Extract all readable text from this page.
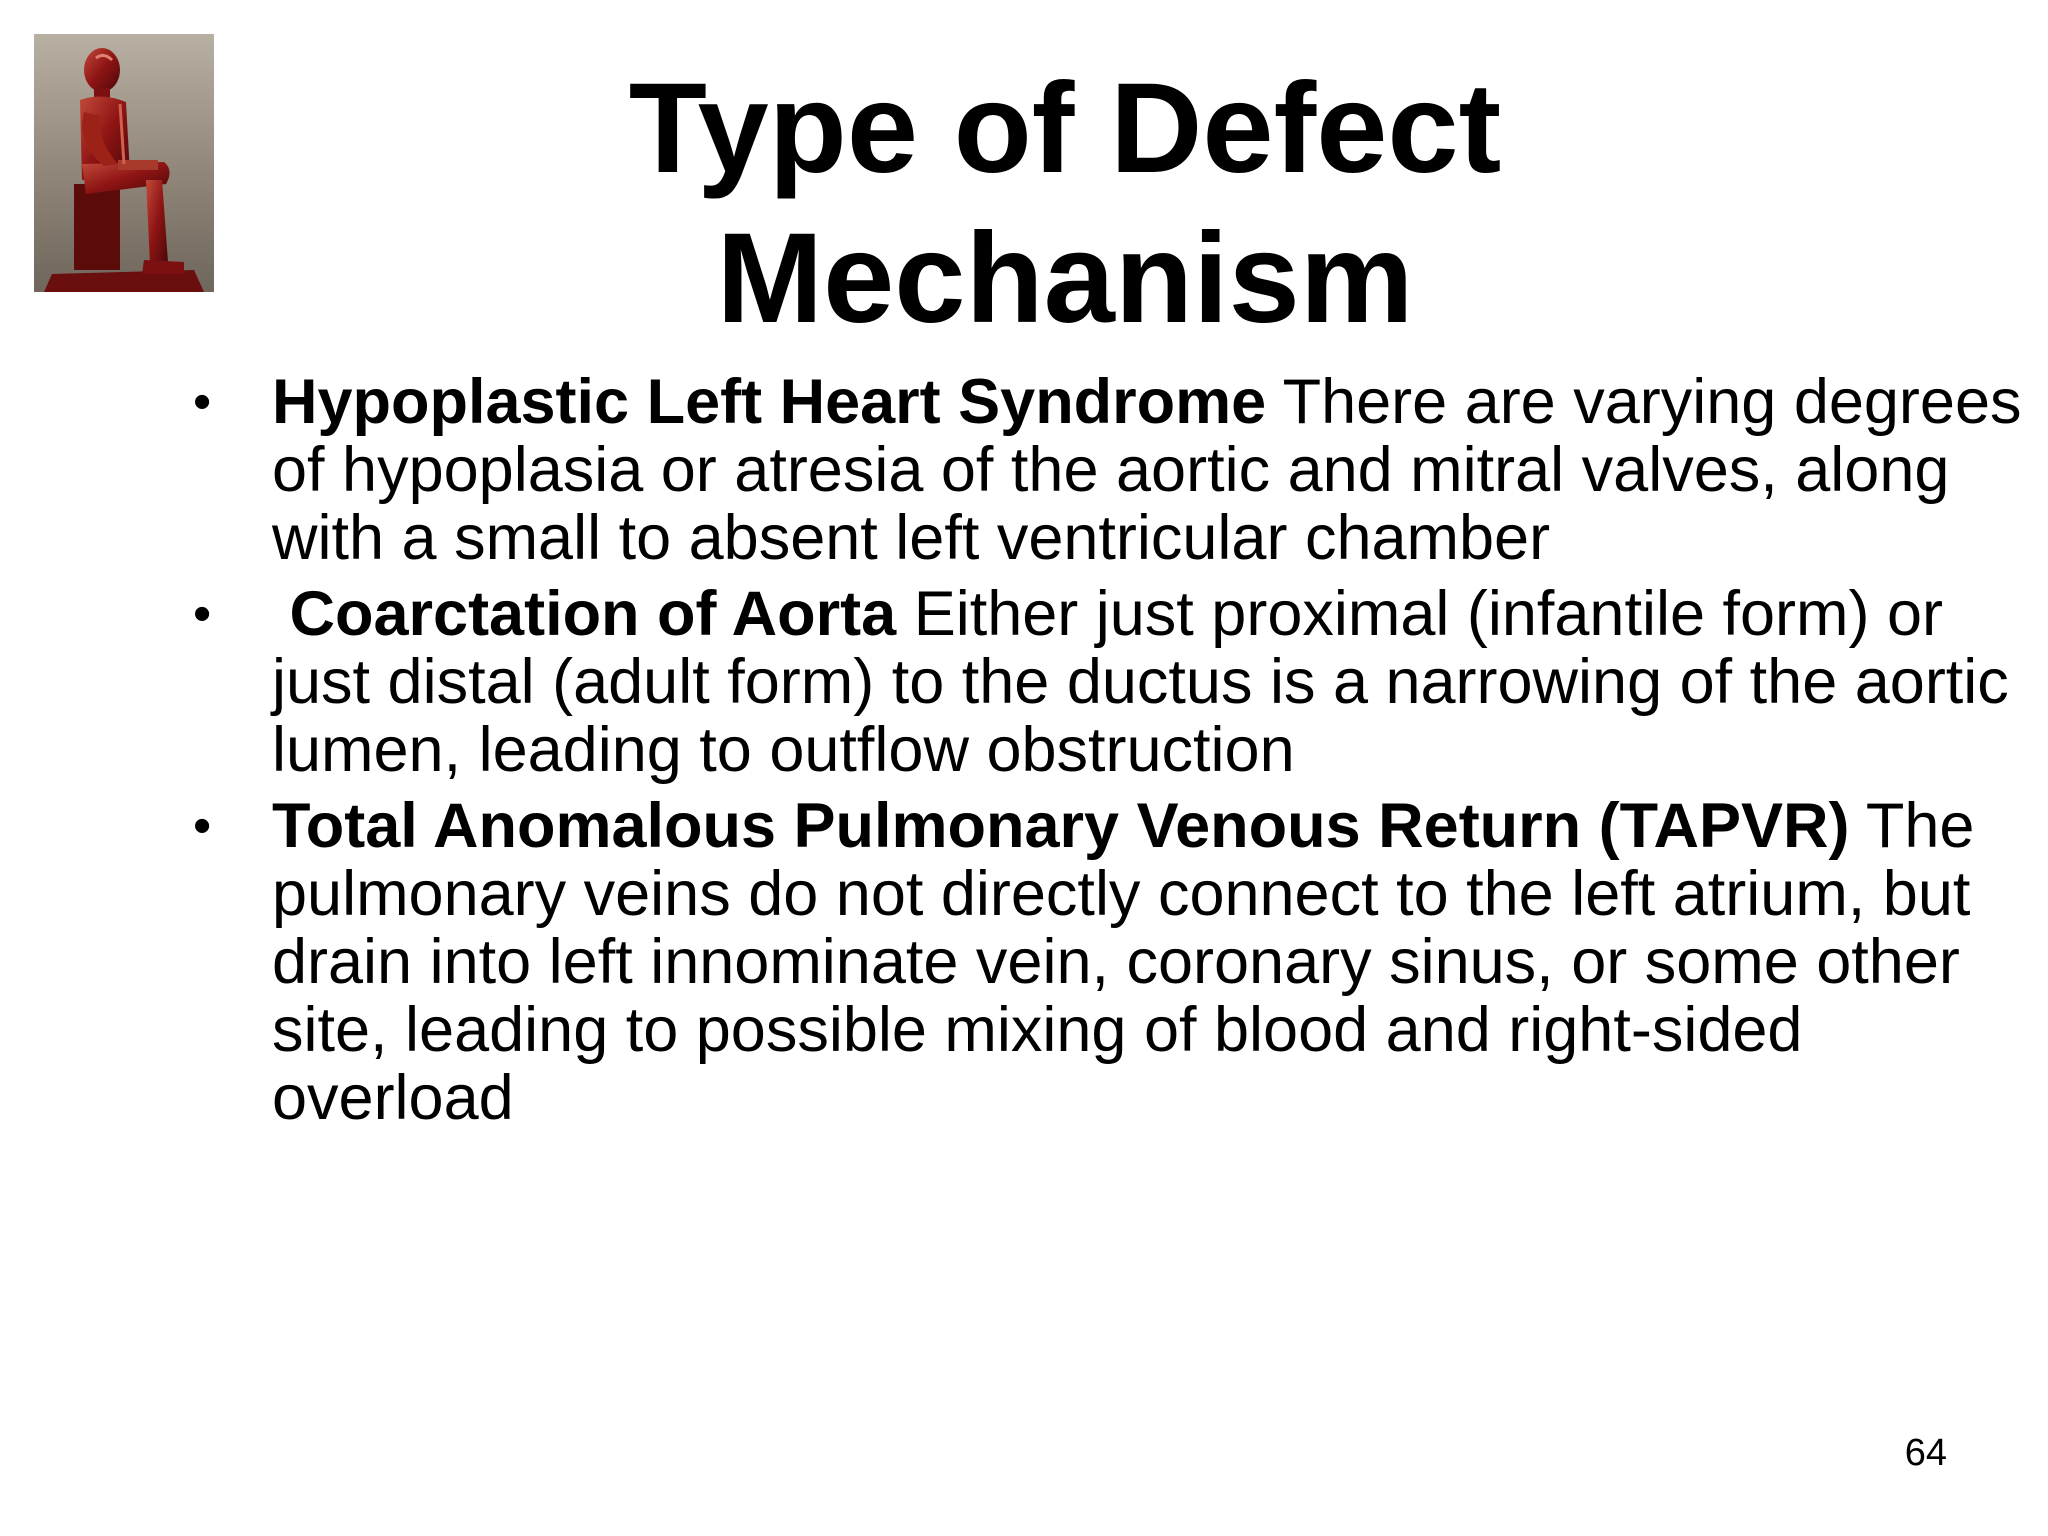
Type of Defect
Mechanism
• Hypoplastic Left Heart Syndrome There are varying degrees of hypoplasia or atresia of the aortic and mitral valves, along with a small to absent left ventricular chamber
• Coarctation of Aorta Either just proximal (infantile form) or just distal (adult form) to the ductus is a narrowing of the aortic lumen, leading to outflow obstruction
• Total Anomalous Pulmonary Venous Return (TAPVR) The pulmonary veins do not directly connect to the left atrium, but drain into left innominate vein, coronary sinus, or some other site, leading to possible mixing of blood and right-sided overload
64
